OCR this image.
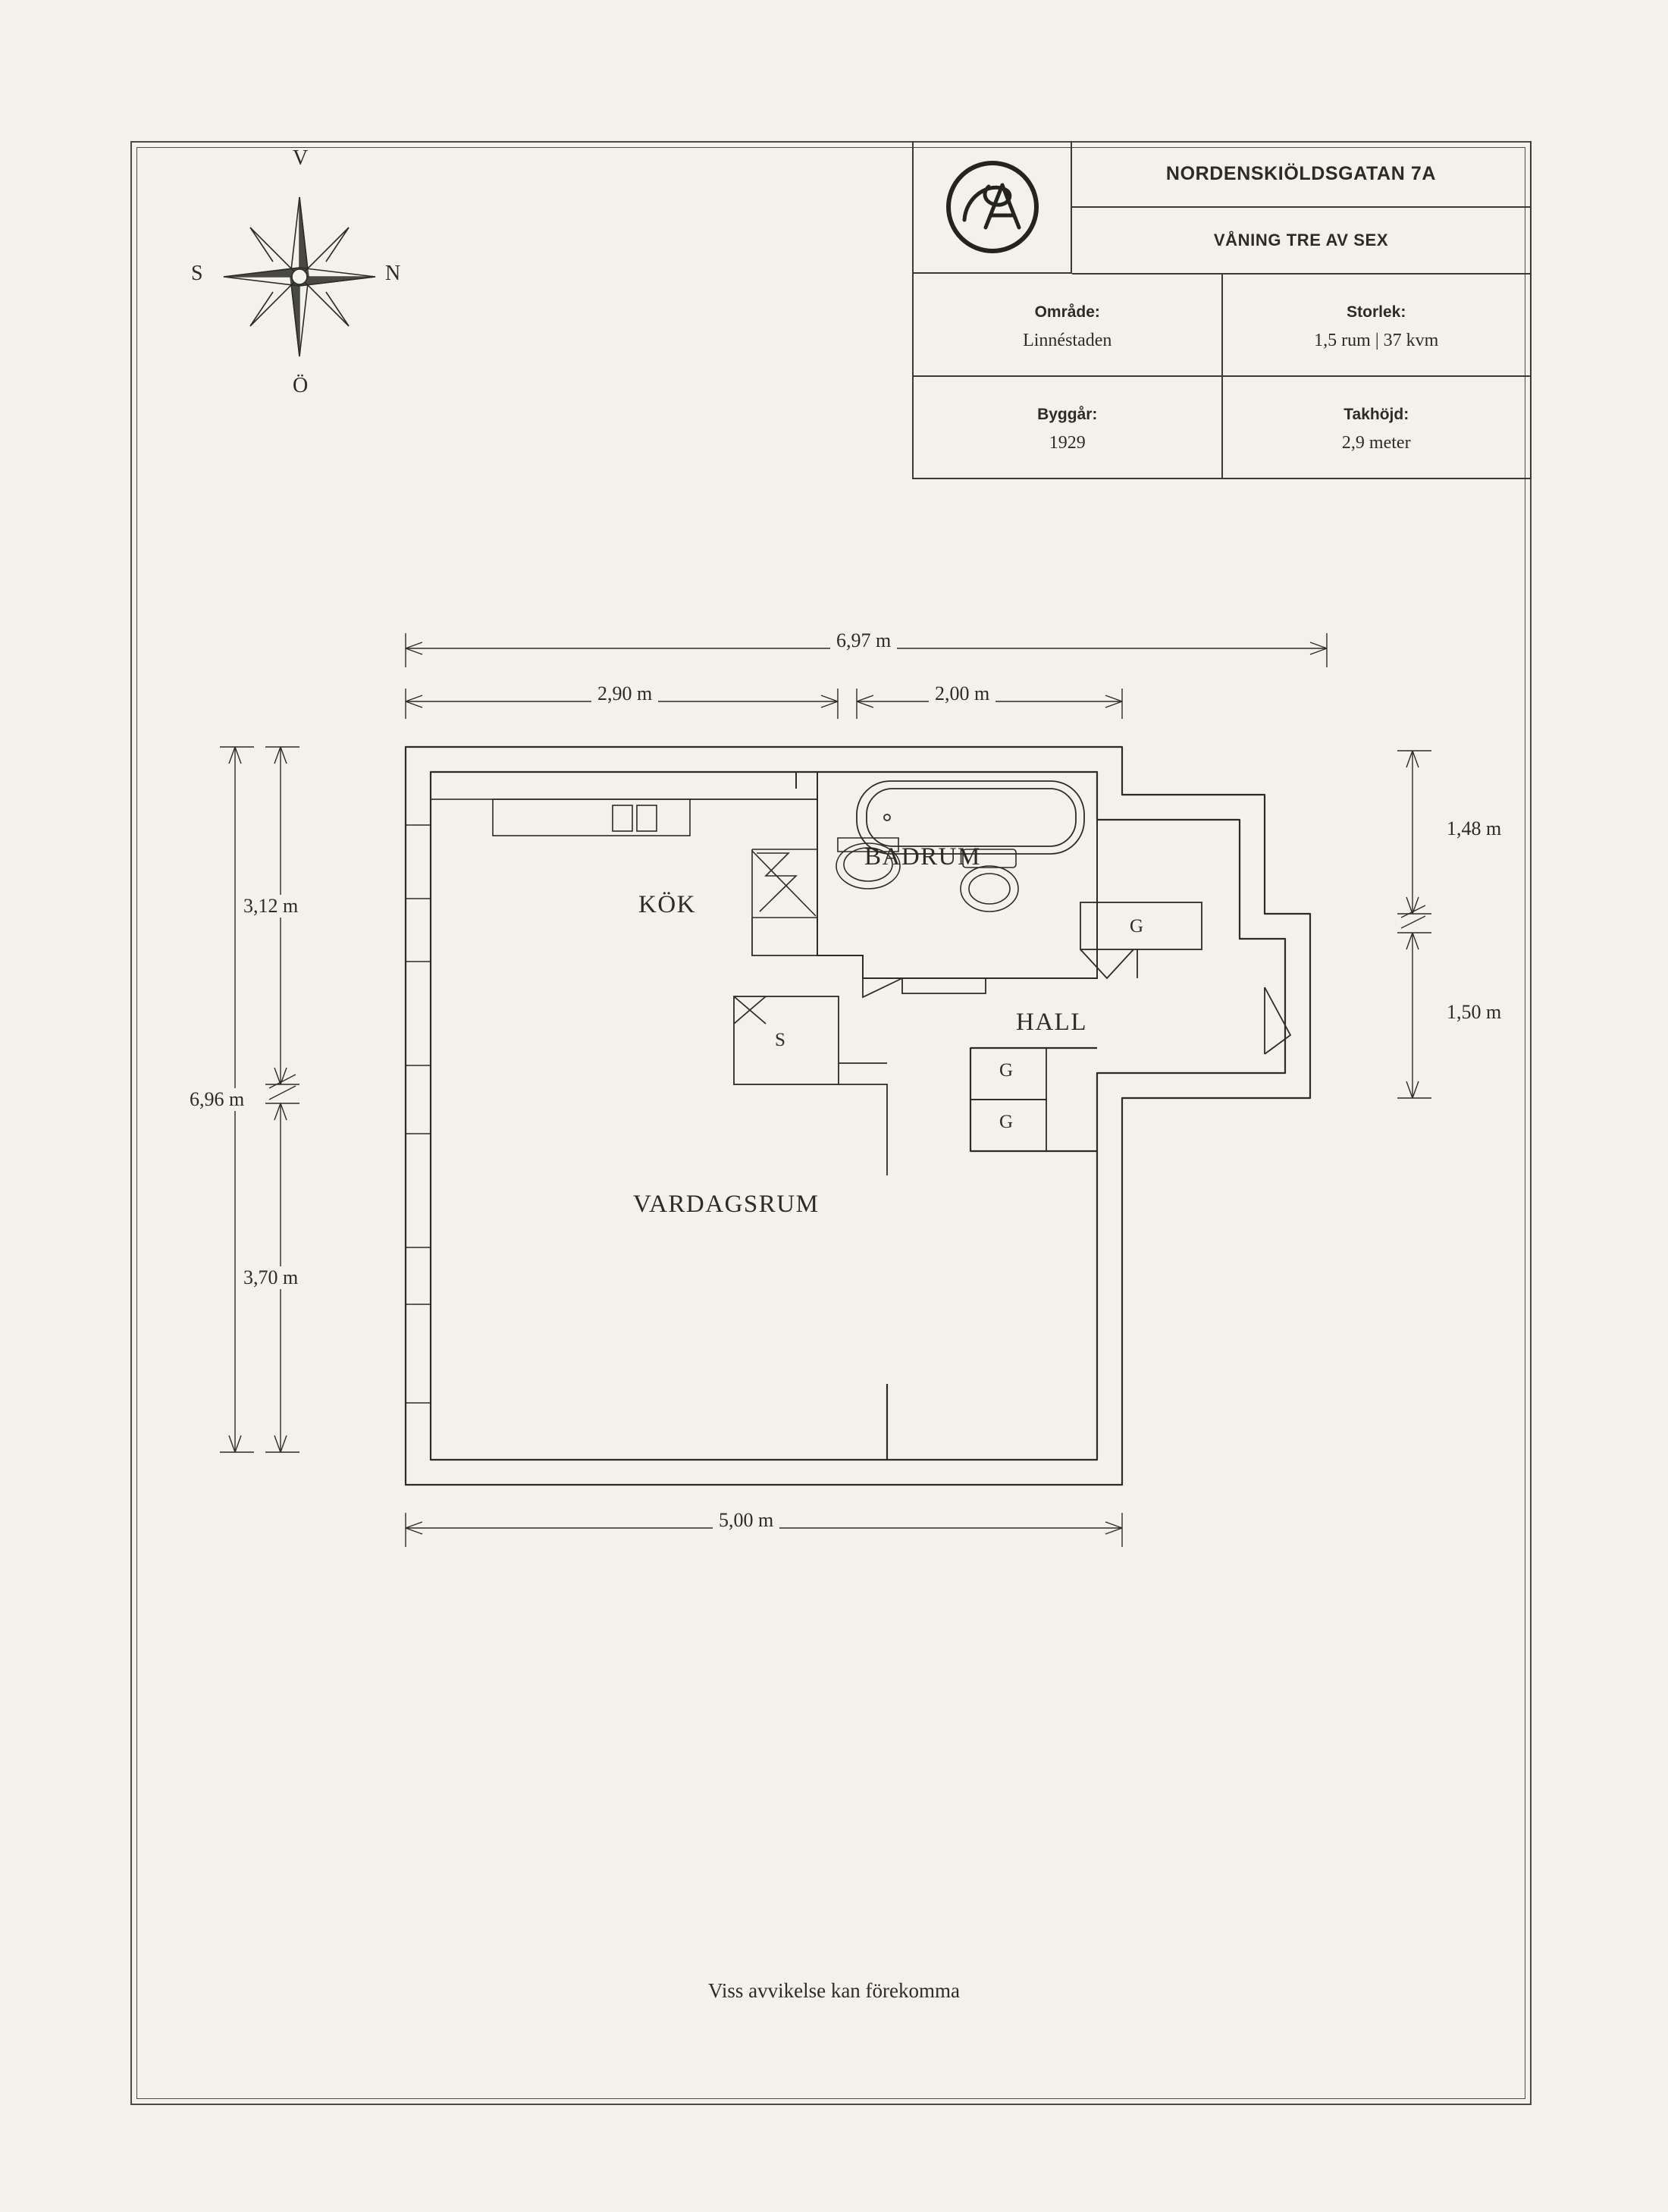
NORDENSKIÖLDSGATAN 7A
VÅNING TRE AV SEX
Område:
Linnéstaden
Storlek:
1,5 rum | 37 kvm
Byggår:
1929
Takhöjd:
2,9 meter
V
N
Ö
S
6,97 m
2,90 m	2,00 m
3,12 m
6,96 m
3,70 m
1,48 m
1,50 m
5,00 m
KÖK
BADRUM
HALL
VARDAGSRUM
G
G
G
S
Viss avvikelse kan förekomma
